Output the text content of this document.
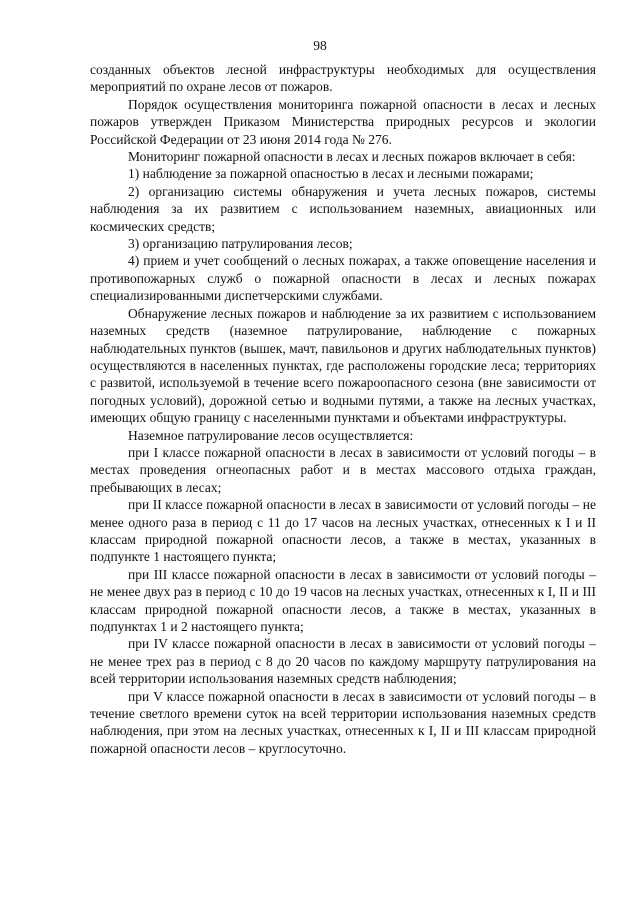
98

созданных объектов лесной инфраструктуры необходимых для осуществления мероприятий по охране лесов от пожаров.

Порядок осуществления мониторинга пожарной опасности в лесах и лесных пожаров утвержден Приказом Министерства природных ресурсов и экологии Российской Федерации от 23 июня 2014 года № 276.

Мониторинг пожарной опасности в лесах и лесных пожаров включает в себя:

1) наблюдение за пожарной опасностью в лесах и лесными пожарами;

2) организацию системы обнаружения и учета лесных пожаров, системы наблюдения за их развитием с использованием наземных, авиационных или космических средств;

3) организацию патрулирования лесов;

4) прием и учет сообщений о лесных пожарах, а также оповещение населения и противопожарных служб о пожарной опасности в лесах и лесных пожарах специализированными диспетчерскими службами.

Обнаружение лесных пожаров и наблюдение за их развитием с использованием наземных средств (наземное патрулирование, наблюдение с пожарных наблюдательных пунктов (вышек, мачт, павильонов и других наблюдательных пунктов) осуществляются в населенных пунктах, где расположены городские леса; территориях с развитой, используемой в течение всего пожароопасного сезона (вне зависимости от погодных условий), дорожной сетью и водными путями, а также на лесных участках, имеющих общую границу с населенными пунктами и объектами инфраструктуры.

Наземное патрулирование лесов осуществляется:

при I классе пожарной опасности в лесах в зависимости от условий погоды – в местах проведения огнеопасных работ и в местах массового отдыха граждан, пребывающих в лесах;

при II классе пожарной опасности в лесах в зависимости от условий погоды – не менее одного раза в период с 11 до 17 часов на лесных участках, отнесенных к I и II классам природной пожарной опасности лесов, а также в местах, указанных в подпункте 1 настоящего пункта;

при III классе пожарной опасности в лесах в зависимости от условий погоды – не менее двух раз в период с 10 до 19 часов на лесных участках, отнесенных к I, II и III классам природной пожарной опасности лесов, а также в местах, указанных в подпунктах 1 и 2 настоящего пункта;

при IV классе пожарной опасности в лесах в зависимости от условий погоды – не менее трех раз в период с 8 до 20 часов по каждому маршруту патрулирования на всей территории использования наземных средств наблюдения;

при V классе пожарной опасности в лесах в зависимости от условий погоды – в течение светлого времени суток на всей территории использования наземных средств наблюдения, при этом на лесных участках, отнесенных к I, II и III классам природной пожарной опасности лесов – круглосуточно.
